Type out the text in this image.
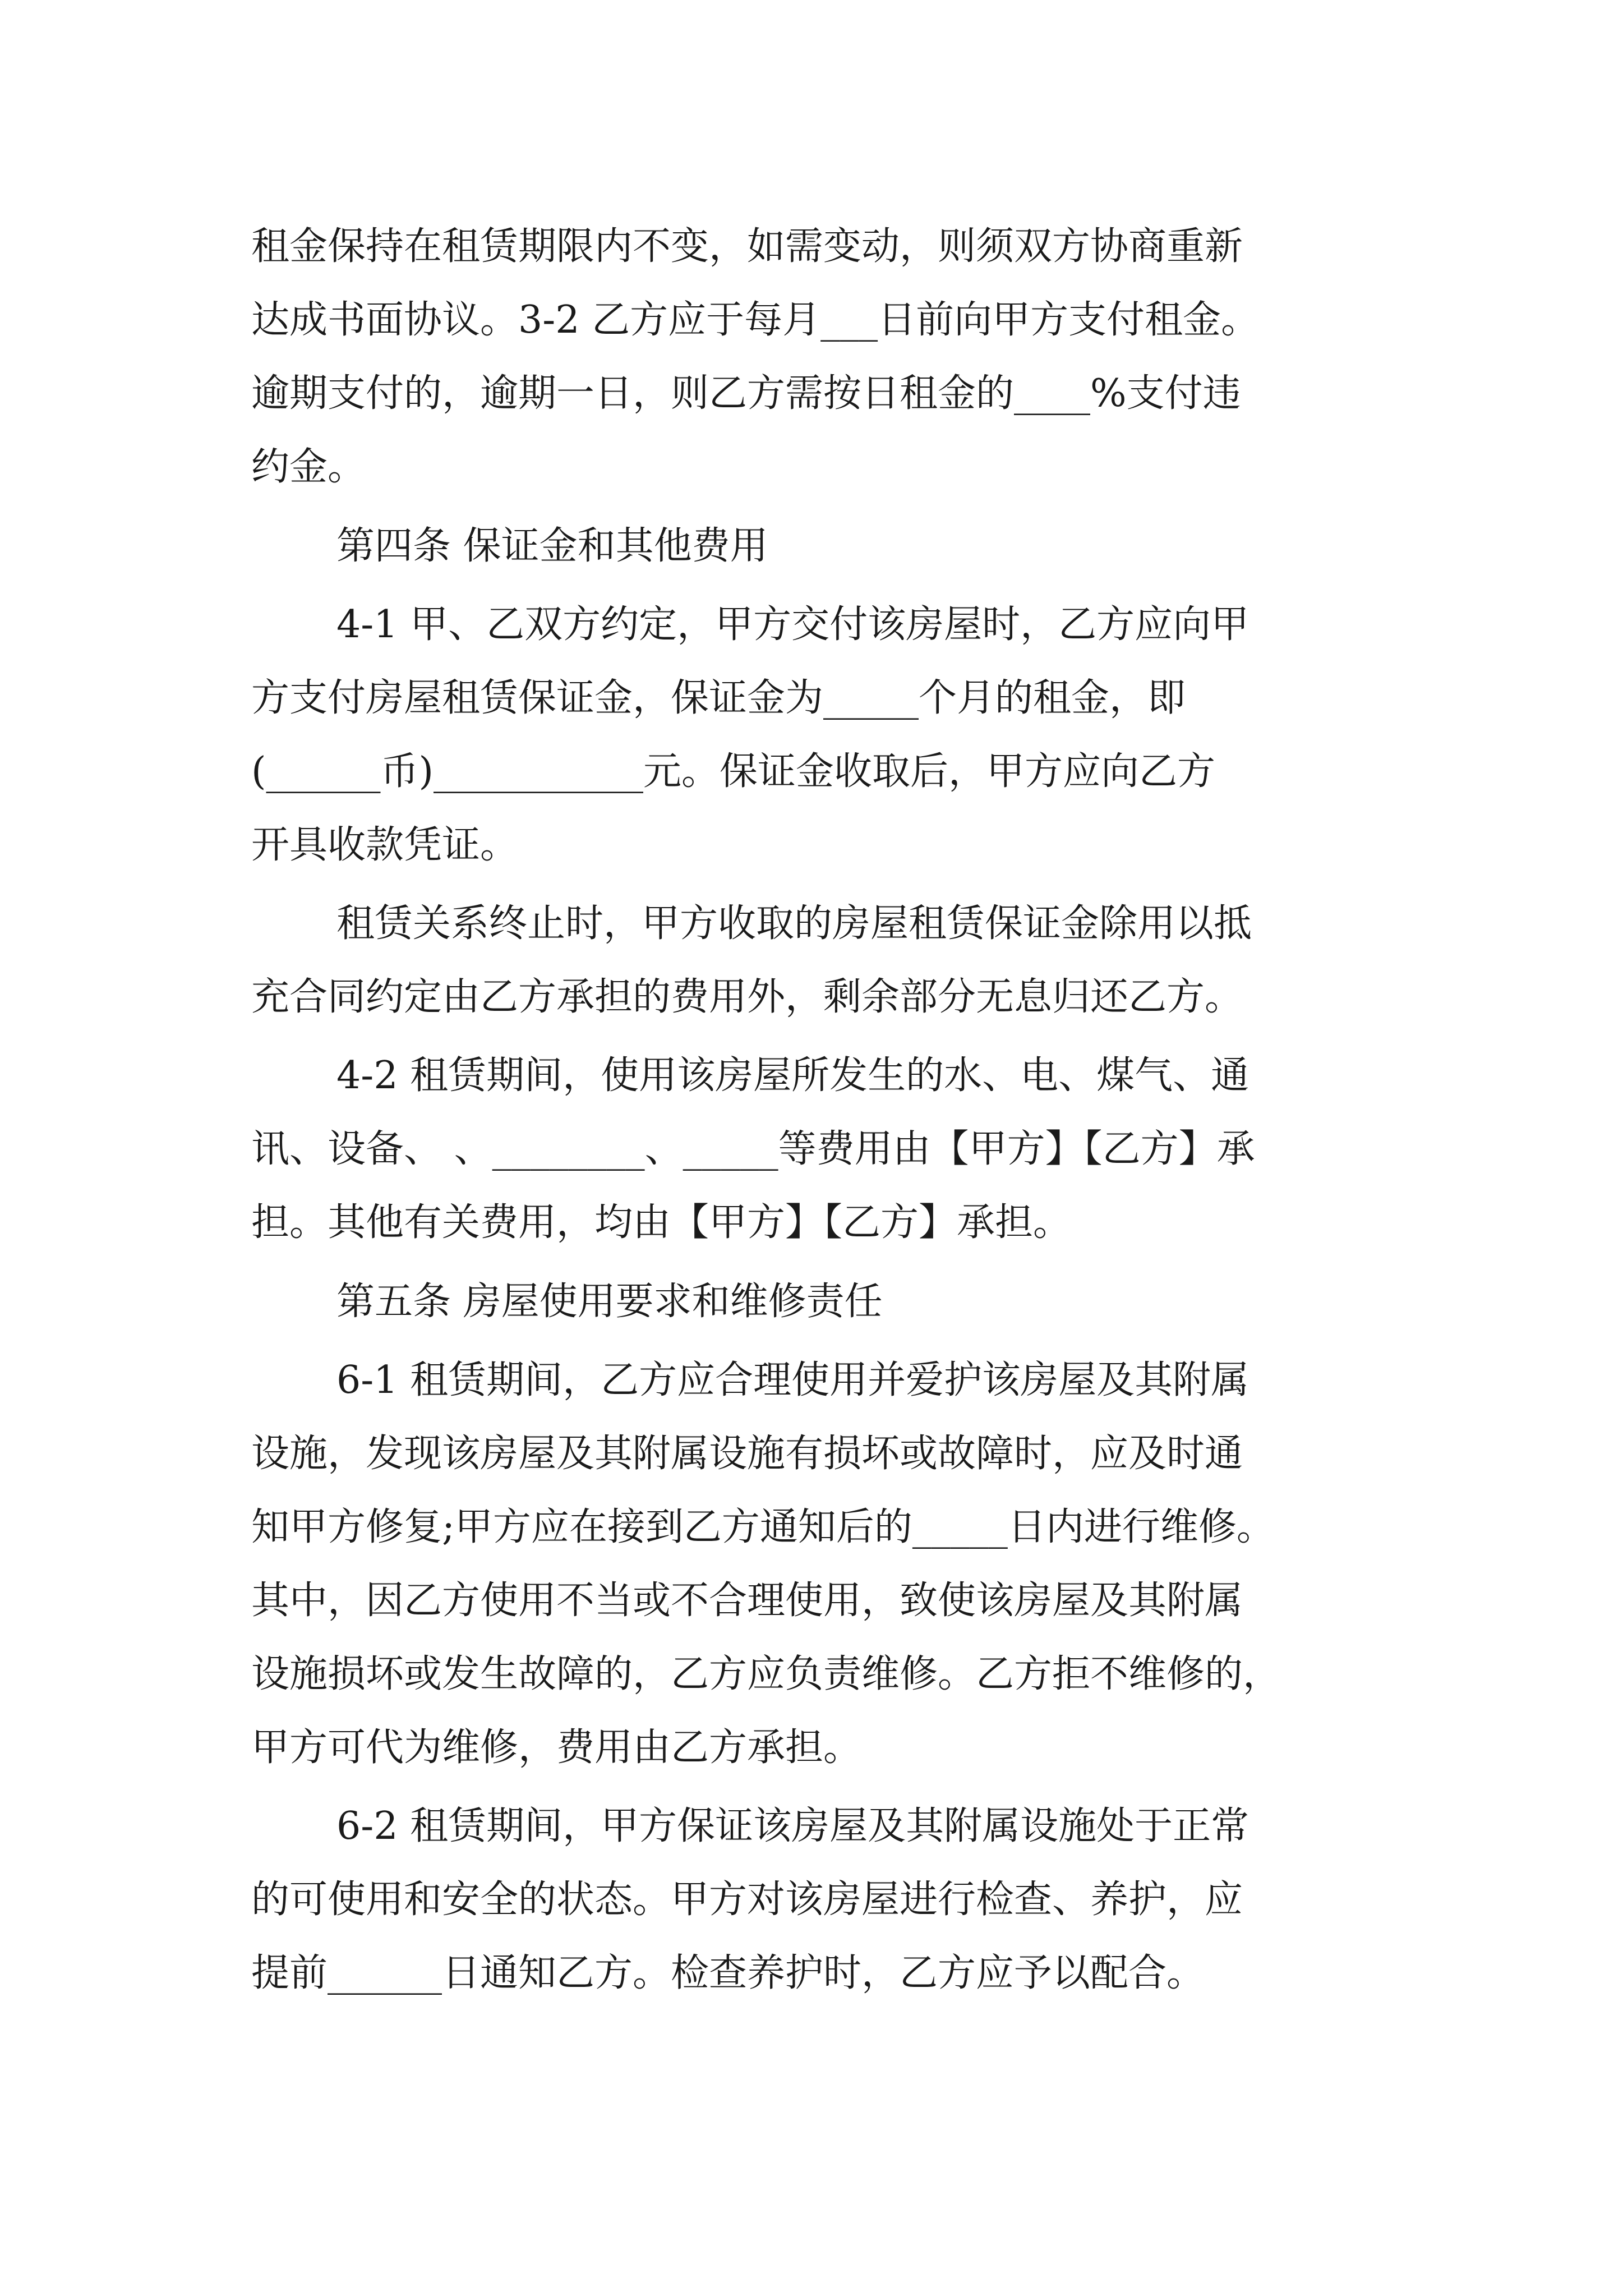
租金保持在租赁期限内不变，如需变动，则须双方协商重新
达成书面协议。3-2 乙方应于每月___日前向甲方支付租金。
逾期支付的，逾期一日，则乙方需按日租金的____%支付违
约金。
第四条 保证金和其他费用
4-1 甲、乙双方约定，甲方交付该房屋时，乙方应向甲
方支付房屋租赁保证金，保证金为_____个月的租金，即
(______币)___________元。保证金收取后，甲方应向乙方
开具收款凭证。
租赁关系终止时，甲方收取的房屋租赁保证金除用以抵
充合同约定由乙方承担的费用外，剩余部分无息归还乙方。
4-2 租赁期间，使用该房屋所发生的水、电、煤气、通
讯、设备、 、________、_____等费用由【甲方】【乙方】承
担。其他有关费用，均由【甲方】【乙方】承担。
第五条 房屋使用要求和维修责任
6-1 租赁期间，乙方应合理使用并爱护该房屋及其附属
设施，发现该房屋及其附属设施有损坏或故障时，应及时通
知甲方修复;甲方应在接到乙方通知后的_____日内进行维修。
其中，因乙方使用不当或不合理使用，致使该房屋及其附属
设施损坏或发生故障的，乙方应负责维修。乙方拒不维修的，
甲方可代为维修，费用由乙方承担。
6-2 租赁期间，甲方保证该房屋及其附属设施处于正常
的可使用和安全的状态。甲方对该房屋进行检查、养护，应
提前______日通知乙方。检查养护时，乙方应予以配合。
